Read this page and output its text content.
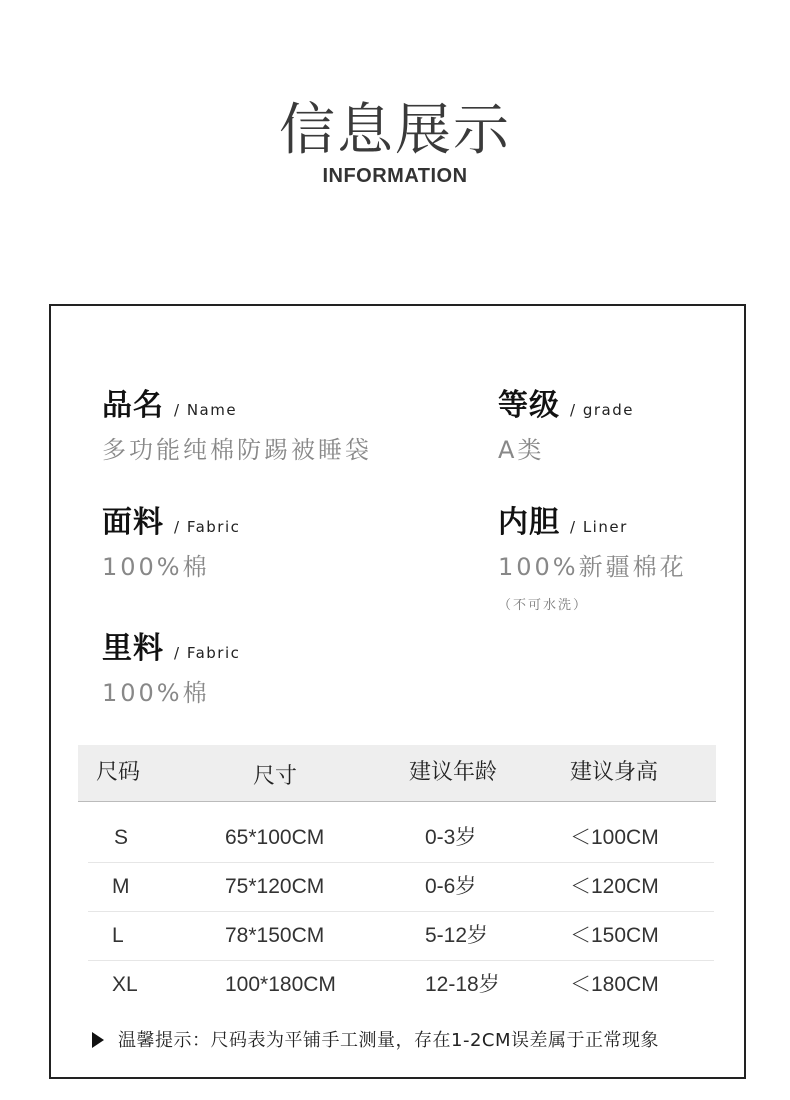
信息展示
INFORMATION
品名 / Name
多功能纯棉防踢被睡袋
等级 / grade
A类
面料 / Fabric
100%棉
内胆 / Liner
100%新疆棉花
（不可水洗）
里料 / Fabric
100%棉
尺码	尺寸	建议年龄	建议身高
S	65*100CM	0-3岁	＜100CM
M	75*120CM	0-6岁	＜120CM
L	78*150CM	5-12岁	＜150CM
XL	100*180CM	12-18岁	＜180CM
温馨提示：尺码表为平铺手工测量，存在1-2CM误差属于正常现象
